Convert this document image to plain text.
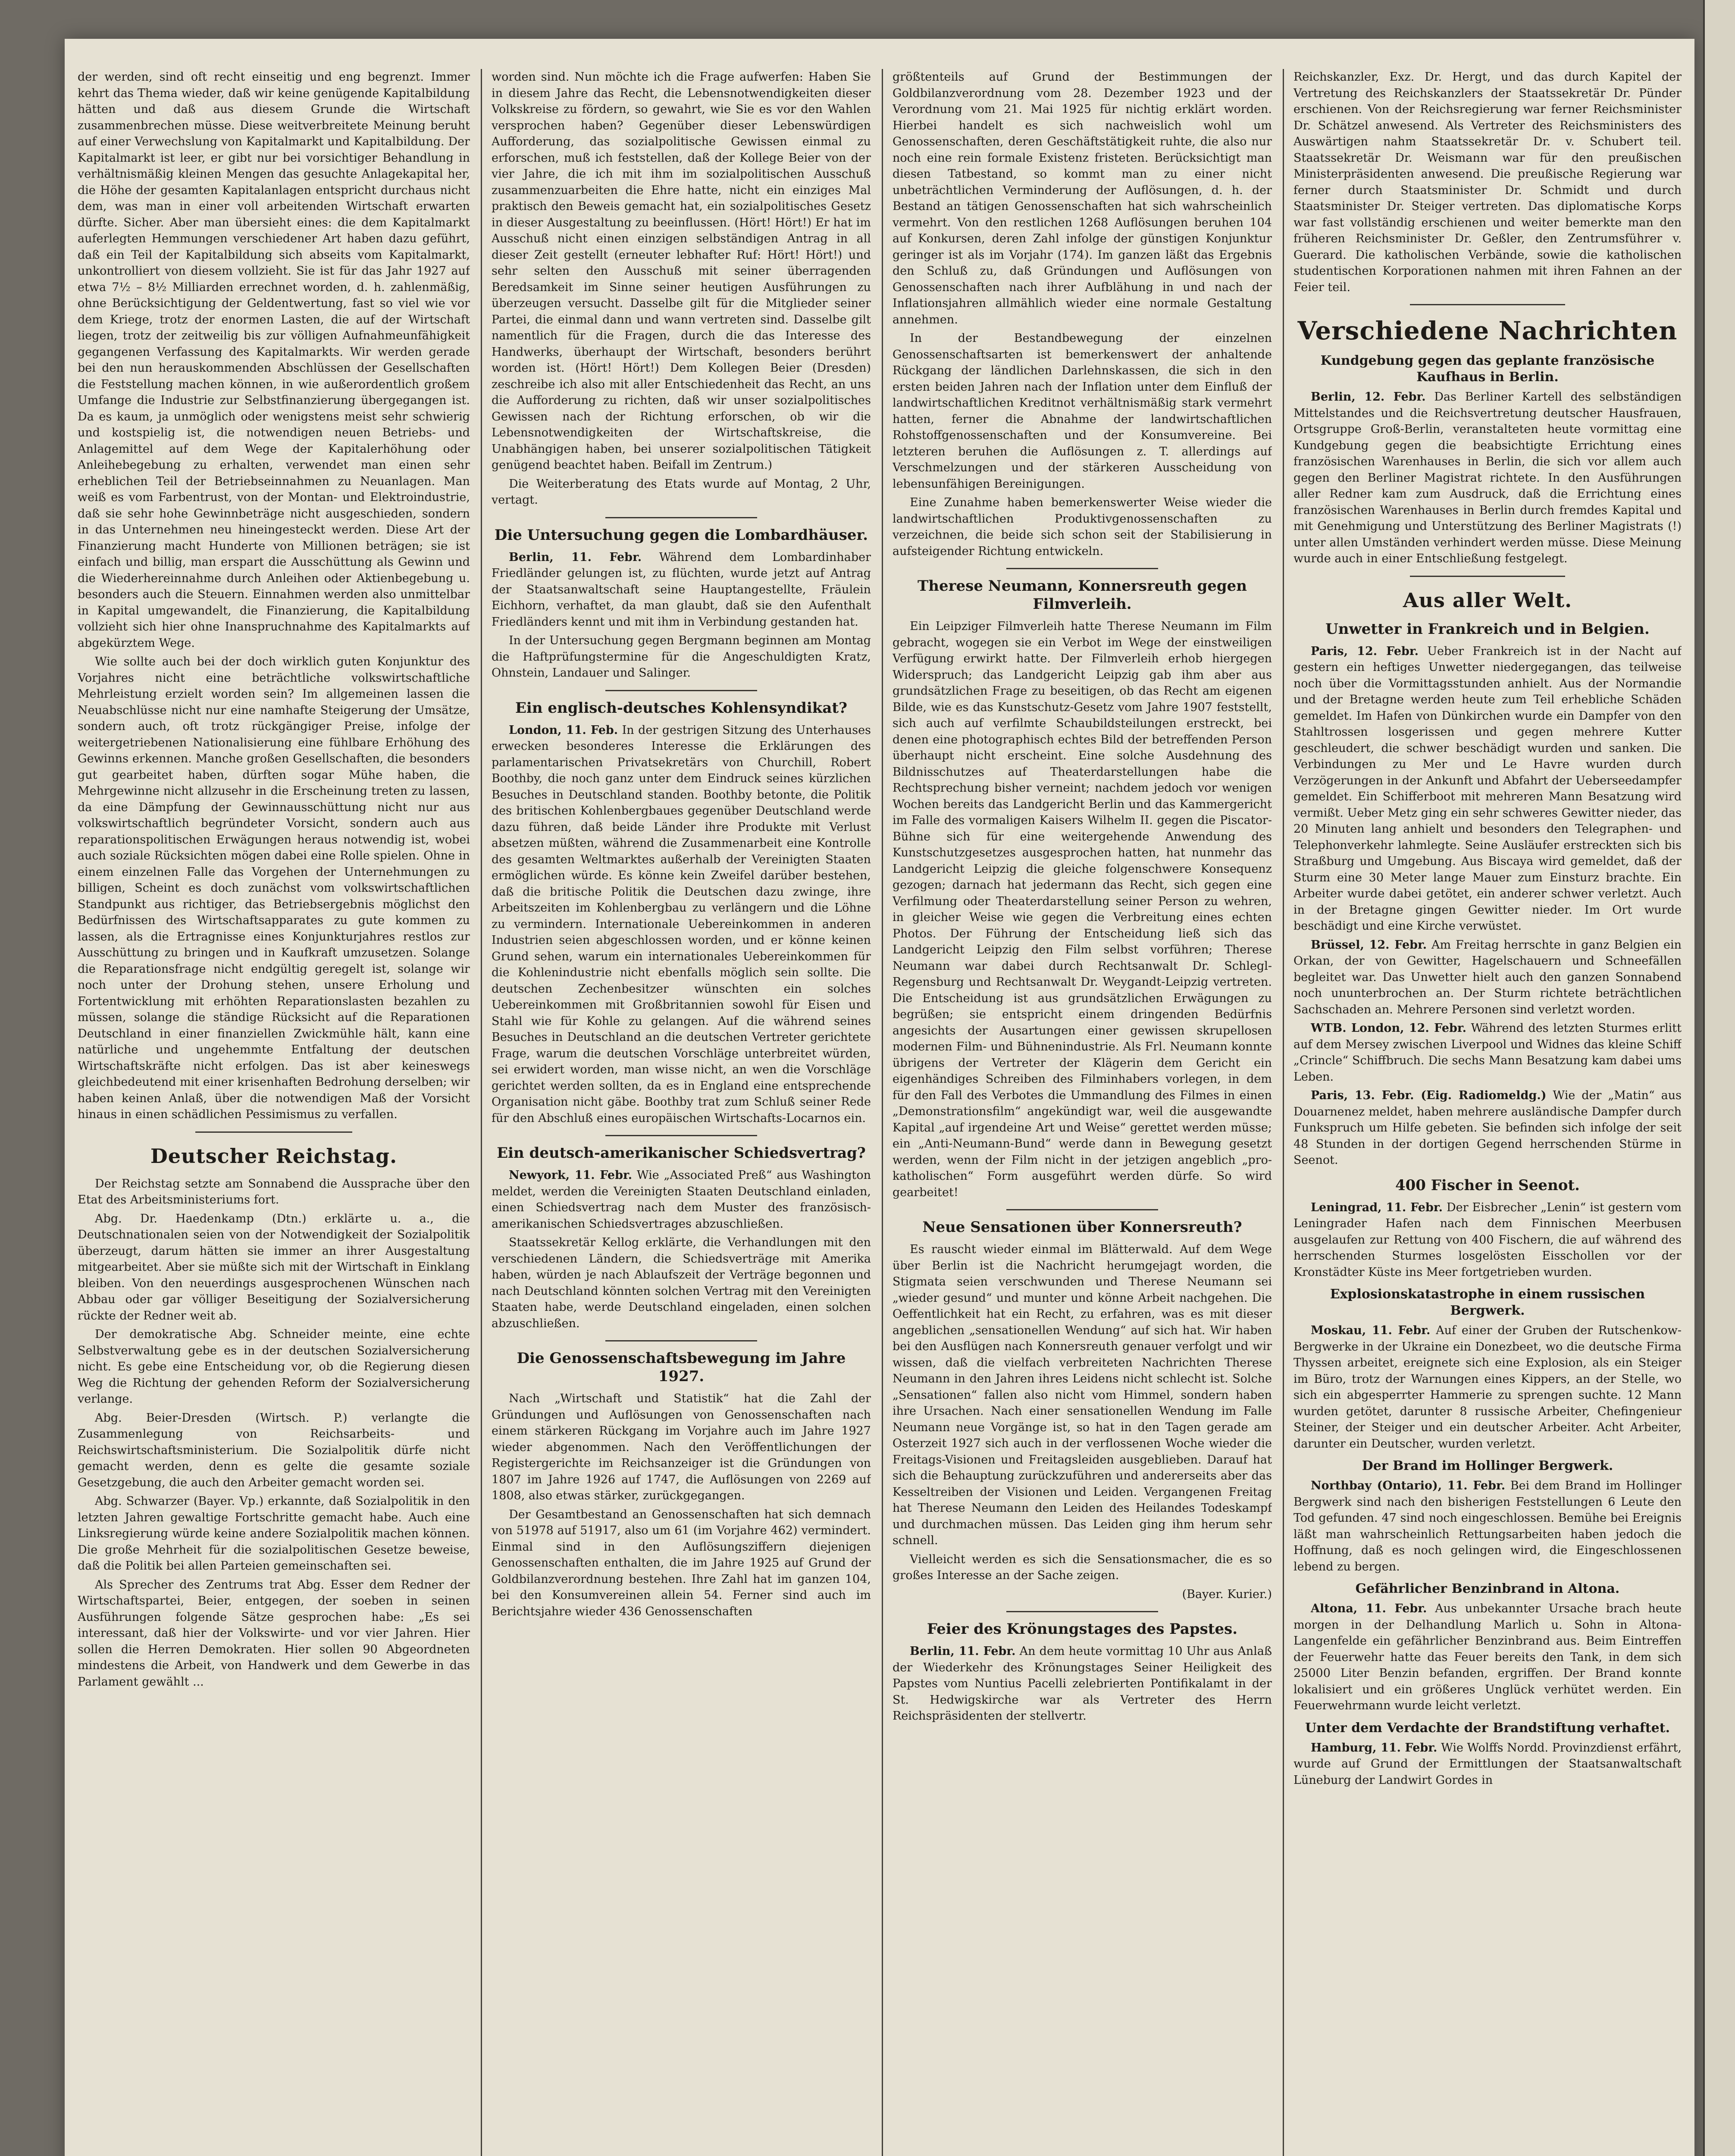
der werden, sind oft recht einseitig und eng begrenzt. Immer kehrt das Thema wieder, daß wir keine genügende Kapitalbildung hätten und daß aus diesem Grunde die Wirtschaft zusammenbrechen müsse. Diese weitverbreitete Meinung beruht auf einer Verwechslung von Kapitalmarkt und Kapitalbildung. Der Kapitalmarkt ist leer, er gibt nur bei vorsichtiger Behandlung in verhältnismäßig kleinen Mengen das gesuchte Anlagekapital her, die Höhe der gesamten Kapitalanlagen entspricht durchaus nicht dem, was man in einer voll arbeitenden Wirtschaft erwarten dürfte. Sicher. Aber man übersieht eines: die dem Kapitalmarkt auferlegten Hemmungen verschiedener Art haben dazu geführt, daß ein Teil der Kapitalbildung sich abseits vom Kapitalmarkt, unkontrolliert von diesem vollzieht. Sie ist für das Jahr 1927 auf etwa 7½ – 8½ Milliarden errechnet worden, d. h. zahlenmäßig, ohne Berücksichtigung der Geldentwertung, fast so viel wie vor dem Kriege, trotz der enormen Lasten, die auf der Wirtschaft liegen, trotz der zeitweilig bis zur völligen Aufnahmeunfähigkeit gegangenen Verfassung des Kapitalmarkts. Wir werden gerade bei den nun herauskommenden Abschlüssen der Gesellschaften die Feststellung machen können, in wie außerordentlich großem Umfange die Industrie zur Selbstfinanzierung übergegangen ist. Da es kaum, ja unmöglich oder wenigstens meist sehr schwierig und kostspielig ist, die notwendigen neuen Betriebs- und Anlagemittel auf dem Wege der Kapitalerhöhung oder Anleihebegebung zu erhalten, verwendet man einen sehr erheblichen Teil der Betriebseinnahmen zu Neuanlagen. Man weiß es vom Farbentrust, von der Montan- und Elektroindustrie, daß sie sehr hohe Gewinnbeträge nicht ausgeschieden, sondern in das Unternehmen neu hineingesteckt werden. Diese Art der Finanzierung macht Hunderte von Millionen beträgen; sie ist einfach und billig, man erspart die Ausschüttung als Gewinn und die Wiederhereinnahme durch Anleihen oder Aktienbegebung u. besonders auch die Steuern. Einnahmen werden also unmittelbar in Kapital umgewandelt, die Finanzierung, die Kapitalbildung vollzieht sich hier ohne Inanspruchnahme des Kapitalmarkts auf abgekürztem Wege.

Wie sollte auch bei der doch wirklich guten Konjunktur des Vorjahres nicht eine beträchtliche volkswirtschaftliche Mehrleistung erzielt worden sein? Im allgemeinen lassen die Neuabschlüsse nicht nur eine namhafte Steigerung der Umsätze, sondern auch, oft trotz rückgängiger Preise, infolge der weitergetriebenen Nationalisierung eine fühlbare Erhöhung des Gewinns erkennen. Manche großen Gesellschaften, die besonders gut gearbeitet haben, dürften sogar Mühe haben, die Mehrgewinne nicht allzusehr in die Erscheinung treten zu lassen, da eine Dämpfung der Gewinnausschüttung nicht nur aus volkswirtschaftlich begründeter Vorsicht, sondern auch aus reparationspolitischen Erwägungen heraus notwendig ist, wobei auch soziale Rücksichten mögen dabei eine Rolle spielen. Ohne in einem einzelnen Falle das Vorgehen der Unternehmungen zu billigen, Scheint es doch zunächst vom volkswirtschaftlichen Standpunkt aus richtiger, das Betriebsergebnis möglichst den Bedürfnissen des Wirtschaftsapparates zu gute kommen zu lassen, als die Ertragnisse eines Konjunkturjahres restlos zur Ausschüttung zu bringen und in Kaufkraft umzusetzen. Solange die Reparationsfrage nicht endgültig geregelt ist, solange wir noch unter der Drohung stehen, unsere Erholung und Fortentwicklung mit erhöhten Reparationslasten bezahlen zu müssen, solange die ständige Rücksicht auf die Reparationen Deutschland in einer finanziellen Zwickmühle hält, kann eine natürliche und ungehemmte Entfaltung der deutschen Wirtschaftskräfte nicht erfolgen. Das ist aber keineswegs gleichbedeutend mit einer krisenhaften Bedrohung derselben; wir haben keinen Anlaß, über die notwendigen Maß der Vorsicht hinaus in einen schädlichen Pessimismus zu verfallen.

Deutscher Reichstag.

Der Reichstag setzte am Sonnabend die Aussprache über den Etat des Arbeitsministeriums fort.

Abg. Dr. Haedenkamp (Dtn.) erklärte u. a., die Deutschnationalen seien von der Notwendigkeit der Sozialpolitik überzeugt, darum hätten sie immer an ihrer Ausgestaltung mitgearbeitet. Aber sie müßte sich mit der Wirtschaft in Einklang bleiben. Von den neuerdings ausgesprochenen Wünschen nach Abbau oder gar völliger Beseitigung der Sozialversicherung rückte der Redner weit ab.

Der demokratische Abg. Schneider meinte, eine echte Selbstverwaltung gebe es in der deutschen Sozialversicherung nicht. Es gebe eine Entscheidung vor, ob die Regierung diesen Weg die Richtung der gehenden Reform der Sozialversicherung verlange.

Abg. Beier-Dresden (Wirtsch. P.) verlangte die Zusammenlegung von Reichsarbeits- und Reichswirtschaftsministerium. Die Sozialpolitik dürfe nicht gemacht werden, denn es gelte die gesamte soziale Gesetzgebung, die auch den Arbeiter gemacht worden sei.

Abg. Schwarzer (Bayer. Vp.) erkannte, daß Sozialpolitik in den letzten Jahren gewaltige Fortschritte gemacht habe. Auch eine Linksregierung würde keine andere Sozialpolitik machen können. Die große Mehrheit für die sozialpolitischen Gesetze beweise, daß die Politik bei allen Parteien gemeinschaften sei.

Als Sprecher des Zentrums trat Abg. Esser dem Redner der Wirtschaftspartei, Beier, entgegen, der soeben in seinen Ausführungen folgende Sätze gesprochen habe: „Es sei interessant, daß hier der Volkswirte- und vor vier Jahren. Hier sollen die Herren Demokraten. Hier sollen 90 Abgeordneten mindestens die Arbeit, von Handwerk und dem Gewerbe in das Parlament gewählt ...

worden sind. Nun möchte ich die Frage aufwerfen: Haben Sie in diesem Jahre das Recht, die Lebensnotwendigkeiten dieser Volkskreise zu fördern, so gewahrt, wie Sie es vor den Wahlen versprochen haben? Gegenüber dieser Lebenswürdigen Aufforderung, das sozialpolitische Gewissen einmal zu erforschen, muß ich feststellen, daß der Kollege Beier von der vier Jahre, die ich mit ihm im sozialpolitischen Ausschuß zusammenzuarbeiten die Ehre hatte, nicht ein einziges Mal praktisch den Beweis gemacht hat, ein sozialpolitisches Gesetz in dieser Ausgestaltung zu beeinflussen. (Hört! Hört!) Er hat im Ausschuß nicht einen einzigen selbständigen Antrag in all dieser Zeit gestellt (erneuter lebhafter Ruf: Hört! Hört!) und sehr selten den Ausschuß mit seiner überragenden Beredsamkeit im Sinne seiner heutigen Ausführungen zu überzeugen versucht. Dasselbe gilt für die Mitglieder seiner Partei, die einmal dann und wann vertreten sind. Dasselbe gilt namentlich für die Fragen, durch die das Interesse des Handwerks, überhaupt der Wirtschaft, besonders berührt worden ist. (Hört! Hört!) Dem Kollegen Beier (Dresden) zeschreibe ich also mit aller Entschiedenheit das Recht, an uns die Aufforderung zu richten, daß wir unser sozialpolitisches Gewissen nach der Richtung erforschen, ob wir die Lebensnotwendigkeiten der Wirtschaftskreise, die Unabhängigen haben, bei unserer sozialpolitischen Tätigkeit genügend beachtet haben. Beifall im Zentrum.)

Die Weiterberatung des Etats wurde auf Montag, 2 Uhr, vertagt.

Die Untersuchung gegen die Lombardhäuser.

Berlin, 11. Febr. Während dem Lombardinhaber Friedländer gelungen ist, zu flüchten, wurde jetzt auf Antrag der Staatsanwaltschaft seine Hauptangestellte, Fräulein Eichhorn, verhaftet, da man glaubt, daß sie den Aufenthalt Friedländers kennt und mit ihm in Verbindung gestanden hat.

In der Untersuchung gegen Bergmann beginnen am Montag die Haftprüfungstermine für die Angeschuldigten Kratz, Ohnstein, Landauer und Salinger.

Ein englisch-deutsches Kohlensyndikat?

London, 11. Feb. In der gestrigen Sitzung des Unterhauses erwecken besonderes Interesse die Erklärungen des parlamentarischen Privatsekretärs von Churchill, Robert Boothby, die noch ganz unter dem Eindruck seines kürzlichen Besuches in Deutschland standen. Boothby betonte, die Politik des britischen Kohlenbergbaues gegenüber Deutschland werde dazu führen, daß beide Länder ihre Produkte mit Verlust absetzen müßten, während die Zusammenarbeit eine Kontrolle des gesamten Weltmarktes außerhalb der Vereinigten Staaten ermöglichen würde. Es könne kein Zweifel darüber bestehen, daß die britische Politik die Deutschen dazu zwinge, ihre Arbeitszeiten im Kohlenbergbau zu verlängern und die Löhne zu vermindern. Internationale Uebereinkommen in anderen Industrien seien abgeschlossen worden, und er könne keinen Grund sehen, warum ein internationales Uebereinkommen für die Kohlenindustrie nicht ebenfalls möglich sein sollte. Die deutschen Zechenbesitzer wünschten ein solches Uebereinkommen mit Großbritannien sowohl für Eisen und Stahl wie für Kohle zu gelangen. Auf die während seines Besuches in Deutschland an die deutschen Vertreter gerichtete Frage, warum die deutschen Vorschläge unterbreitet würden, sei erwidert worden, man wisse nicht, an wen die Vorschläge gerichtet werden sollten, da es in England eine entsprechende Organisation nicht gäbe. Boothby trat zum Schluß seiner Rede für den Abschluß eines europäischen Wirtschafts-Locarnos ein.

Ein deutsch-amerikanischer Schiedsvertrag?

Newyork, 11. Febr. Wie „Associated Preß“ aus Washington meldet, werden die Vereinigten Staaten Deutschland einladen, einen Schiedsvertrag nach dem Muster des französisch-amerikanischen Schiedsvertrages abzuschließen.

Staatssekretär Kellog erklärte, die Verhandlungen mit den verschiedenen Ländern, die Schiedsverträge mit Amerika haben, würden je nach Ablaufszeit der Verträge begonnen und nach Deutschland könnten solchen Vertrag mit den Vereinigten Staaten habe, werde Deutschland eingeladen, einen solchen abzuschließen.

Die Genossenschaftsbewegung im Jahre 1927.

Nach „Wirtschaft und Statistik“ hat die Zahl der Gründungen und Auflösungen von Genossenschaften nach einem stärkeren Rückgang im Vorjahre auch im Jahre 1927 wieder abgenommen. Nach den Veröffentlichungen der Registergerichte im Reichsanzeiger ist die Gründungen von 1807 im Jahre 1926 auf 1747, die Auflösungen von 2269 auf 1808, also etwas stärker, zurückgegangen.

Der Gesamtbestand an Genossenschaften hat sich demnach von 51978 auf 51917, also um 61 (im Vorjahre 462) vermindert. Einmal sind in den Auflösungsziffern diejenigen Genossenschaften enthalten, die im Jahre 1925 auf Grund der Goldbilanzverordnung bestehen. Ihre Zahl hat im ganzen 104, bei den Konsumvereinen allein 54. Ferner sind auch im Berichtsjahre wieder 436 Genossenschaften

größtenteils auf Grund der Bestimmungen der Goldbilanzverordnung vom 28. Dezember 1923 und der Verordnung vom 21. Mai 1925 für nichtig erklärt worden. Hierbei handelt es sich nachweislich wohl um Genossenschaften, deren Geschäftstätigkeit ruhte, die also nur noch eine rein formale Existenz fristeten. Berücksichtigt man diesen Tatbestand, so kommt man zu einer nicht unbeträchtlichen Verminderung der Auflösungen, d. h. der Bestand an tätigen Genossenschaften hat sich wahrscheinlich vermehrt. Von den restlichen 1268 Auflösungen beruhen 104 auf Konkursen, deren Zahl infolge der günstigen Konjunktur geringer ist als im Vorjahr (174). Im ganzen läßt das Ergebnis den Schluß zu, daß Gründungen und Auflösungen von Genossenschaften nach ihrer Aufblähung in und nach der Inflationsjahren allmählich wieder eine normale Gestaltung annehmen.

In der Bestandbewegung der einzelnen Genossenschaftsarten ist bemerkenswert der anhaltende Rückgang der ländlichen Darlehnskassen, die sich in den ersten beiden Jahren nach der Inflation unter dem Einfluß der landwirtschaftlichen Kreditnot verhältnismäßig stark vermehrt hatten, ferner die Abnahme der landwirtschaftlichen Rohstoffgenossenschaften und der Konsumvereine. Bei letzteren beruhen die Auflösungen z. T. allerdings auf Verschmelzungen und der stärkeren Ausscheidung von lebensunfähigen Bereinigungen.

Eine Zunahme haben bemerkenswerter Weise wieder die landwirtschaftlichen Produktivgenossenschaften zu verzeichnen, die beide sich schon seit der Stabilisierung in aufsteigender Richtung entwickeln.

Therese Neumann, Konnersreuth gegen Filmverleih.

Ein Leipziger Filmverleih hatte Therese Neumann im Film gebracht, wogegen sie ein Verbot im Wege der einstweiligen Verfügung erwirkt hatte. Der Filmverleih erhob hiergegen Widerspruch; das Landgericht Leipzig gab ihm aber aus grundsätzlichen Frage zu beseitigen, ob das Recht am eigenen Bilde, wie es das Kunstschutz-Gesetz vom Jahre 1907 feststellt, sich auch auf verfilmte Schaubildsteilungen erstreckt, bei denen eine photographisch echtes Bild der betreffenden Person überhaupt nicht erscheint. Eine solche Ausdehnung des Bildnisschutzes auf Theaterdarstellungen habe die Rechtsprechung bisher verneint; nachdem jedoch vor wenigen Wochen bereits das Landgericht Berlin und das Kammergericht im Falle des vormaligen Kaisers Wilhelm II. gegen die Piscator-Bühne sich für eine weitergehende Anwendung des Kunstschutzgesetzes ausgesprochen hatten, hat nunmehr das Landgericht Leipzig die gleiche folgenschwere Konsequenz gezogen; darnach hat jedermann das Recht, sich gegen eine Verfilmung oder Theaterdarstellung seiner Person zu wehren, in gleicher Weise wie gegen die Verbreitung eines echten Photos. Der Führung der Entscheidung ließ sich das Landgericht Leipzig den Film selbst vorführen; Therese Neumann war dabei durch Rechtsanwalt Dr. Schlegl-Regensburg und Rechtsanwalt Dr. Weygandt-Leipzig vertreten. Die Entscheidung ist aus grundsätzlichen Erwägungen zu begrüßen; sie entspricht einem dringenden Bedürfnis angesichts der Ausartungen einer gewissen skrupellosen modernen Film- und Bühnenindustrie. Als Frl. Neumann konnte übrigens der Vertreter der Klägerin dem Gericht ein eigenhändiges Schreiben des Filminhabers vorlegen, in dem für den Fall des Verbotes die Ummandlung des Filmes in einen „Demonstrationsfilm“ angekündigt war, weil die ausgewandte Kapital „auf irgendeine Art und Weise“ gerettet werden müsse; ein „Anti-Neumann-Bund“ werde dann in Bewegung gesetzt werden, wenn der Film nicht in der jetzigen angeblich „pro-katholischen“ Form ausgeführt werden dürfe. So wird gearbeitet!

Neue Sensationen über Konnersreuth?

Es rauscht wieder einmal im Blätterwald. Auf dem Wege über Berlin ist die Nachricht herumgejagt worden, die Stigmata seien verschwunden und Therese Neumann sei „wieder gesund“ und munter und könne Arbeit nachgehen. Die Oeffentlichkeit hat ein Recht, zu erfahren, was es mit dieser angeblichen „sensationellen Wendung“ auf sich hat. Wir haben bei den Ausflügen nach Konnersreuth genauer verfolgt und wir wissen, daß die vielfach verbreiteten Nachrichten Therese Neumann in den Jahren ihres Leidens nicht schlecht ist. Solche „Sensationen“ fallen also nicht vom Himmel, sondern haben ihre Ursachen. Nach einer sensationellen Wendung im Falle Neumann neue Vorgänge ist, so hat in den Tagen gerade am Osterzeit 1927 sich auch in der verflossenen Woche wieder die Freitags-Visionen und Freitagsleiden ausgeblieben. Darauf hat sich die Behauptung zurückzuführen und andererseits aber das Kesseltreiben der Visionen und Leiden. Vergangenen Freitag hat Therese Neumann den Leiden des Heilandes Todeskampf und durchmachen müssen. Das Leiden ging ihm herum sehr schnell.

Vielleicht werden es sich die Sensationsmacher, die es so großes Interesse an der Sache zeigen.

(Bayer. Kurier.)

Feier des Krönungstages des Papstes.

Berlin, 11. Febr. An dem heute vormittag 10 Uhr aus Anlaß der Wiederkehr des Krönungstages Seiner Heiligkeit des Papstes vom Nuntius Pacelli zelebrierten Pontifikalamt in der St. Hedwigskirche war als Vertreter des Herrn Reichspräsidenten der stellvertr.

Reichskanzler, Exz. Dr. Hergt, und das durch Kapitel der Vertretung des Reichskanzlers der Staatssekretär Dr. Pünder erschienen. Von der Reichsregierung war ferner Reichsminister Dr. Schätzel anwesend. Als Vertreter des Reichsministers des Auswärtigen nahm Staatssekretär Dr. v. Schubert teil. Staatssekretär Dr. Weismann war für den preußischen Ministerpräsidenten anwesend. Die preußische Regierung war ferner durch Staatsminister Dr. Schmidt und durch Staatsminister Dr. Steiger vertreten. Das diplomatische Korps war fast vollständig erschienen und weiter bemerkte man den früheren Reichsminister Dr. Geßler, den Zentrumsführer v. Guerard. Die katholischen Verbände, sowie die katholischen studentischen Korporationen nahmen mit ihren Fahnen an der Feier teil.

Verschiedene Nachrichten
Kundgebung gegen das geplante französische Kaufhaus in Berlin.

Berlin, 12. Febr. Das Berliner Kartell des selbständigen Mittelstandes und die Reichsvertretung deutscher Hausfrauen, Ortsgruppe Groß-Berlin, veranstalteten heute vormittag eine Kundgebung gegen die beabsichtigte Errichtung eines französischen Warenhauses in Berlin, die sich vor allem auch gegen den Berliner Magistrat richtete. In den Ausführungen aller Redner kam zum Ausdruck, daß die Errichtung eines französischen Warenhauses in Berlin durch fremdes Kapital und mit Genehmigung und Unterstützung des Berliner Magistrats (!) unter allen Umständen verhindert werden müsse. Diese Meinung wurde auch in einer Entschließung festgelegt.

Aus aller Welt.
Unwetter in Frankreich und in Belgien.

Paris, 12. Febr. Ueber Frankreich ist in der Nacht auf gestern ein heftiges Unwetter niedergegangen, das teilweise noch über die Vormittagsstunden anhielt. Aus der Normandie und der Bretagne werden heute zum Teil erhebliche Schäden gemeldet. Im Hafen von Dünkirchen wurde ein Dampfer von den Stahltrossen losgerissen und gegen mehrere Kutter geschleudert, die schwer beschädigt wurden und sanken. Die Verbindungen zu Mer und Le Havre wurden durch Verzögerungen in der Ankunft und Abfahrt der Ueberseedampfer gemeldet. Ein Schifferboot mit mehreren Mann Besatzung wird vermißt. Ueber Metz ging ein sehr schweres Gewitter nieder, das 20 Minuten lang anhielt und besonders den Telegraphen- und Telephonverkehr lahmlegte. Seine Ausläufer erstreckten sich bis Straßburg und Umgebung. Aus Biscaya wird gemeldet, daß der Sturm eine 30 Meter lange Mauer zum Einsturz brachte. Ein Arbeiter wurde dabei getötet, ein anderer schwer verletzt. Auch in der Bretagne gingen Gewitter nieder. Im Ort wurde beschädigt und eine Kirche verwüstet.

Brüssel, 12. Febr. Am Freitag herrschte in ganz Belgien ein Orkan, der von Gewitter, Hagelschauern und Schneefällen begleitet war. Das Unwetter hielt auch den ganzen Sonnabend noch ununterbrochen an. Der Sturm richtete beträchtlichen Sachschaden an. Mehrere Personen sind verletzt worden.

WTB. London, 12. Febr. Während des letzten Sturmes erlitt auf dem Mersey zwischen Liverpool und Widnes das kleine Schiff „Crincle“ Schiffbruch. Die sechs Mann Besatzung kam dabei ums Leben.

Paris, 13. Febr. (Eig. Radiomeldg.) Wie der „Matin“ aus Douarnenez meldet, haben mehrere ausländische Dampfer durch Funkspruch um Hilfe gebeten. Sie befinden sich infolge der seit 48 Stunden in der dortigen Gegend herrschenden Stürme in Seenot.

400 Fischer in Seenot.

Leningrad, 11. Febr. Der Eisbrecher „Lenin“ ist gestern vom Leningrader Hafen nach dem Finnischen Meerbusen ausgelaufen zur Rettung von 400 Fischern, die auf während des herrschenden Sturmes losgelösten Eisschollen vor der Kronstädter Küste ins Meer fortgetrieben wurden.

Explosionskatastrophe in einem russischen Bergwerk.

Moskau, 11. Febr. Auf einer der Gruben der Rutschenkow-Bergwerke in der Ukraine ein Donezbeet, wo die deutsche Firma Thyssen arbeitet, ereignete sich eine Explosion, als ein Steiger im Büro, trotz der Warnungen eines Kippers, an der Stelle, wo sich ein abgesperrter Hammerie zu sprengen suchte. 12 Mann wurden getötet, darunter 8 russische Arbeiter, Chefingenieur Steiner, der Steiger und ein deutscher Arbeiter. Acht Arbeiter, darunter ein Deutscher, wurden verletzt.

Der Brand im Hollinger Bergwerk.

Northbay (Ontario), 11. Febr. Bei dem Brand im Hollinger Bergwerk sind nach den bisherigen Feststellungen 6 Leute den Tod gefunden. 47 sind noch eingeschlossen. Bemühe bei Ereignis läßt man wahrscheinlich Rettungsarbeiten haben jedoch die Hoffnung, daß es noch gelingen wird, die Eingeschlossenen lebend zu bergen.

Gefährlicher Benzinbrand in Altona.

Altona, 11. Febr. Aus unbekannter Ursache brach heute morgen in der Delhandlung Marlich u. Sohn in Altona-Langenfelde ein gefährlicher Benzinbrand aus. Beim Eintreffen der Feuerwehr hatte das Feuer bereits den Tank, in dem sich 25000 Liter Benzin befanden, ergriffen. Der Brand konnte lokalisiert und ein größeres Unglück verhütet werden. Ein Feuerwehrmann wurde leicht verletzt.

Unter dem Verdachte der Brandstiftung verhaftet.

Hamburg, 11. Febr. Wie Wolffs Nordd. Provinzdienst erfährt, wurde auf Grund der Ermittlungen der Staatsanwaltschaft Lüneburg der Landwirt Gordes in
